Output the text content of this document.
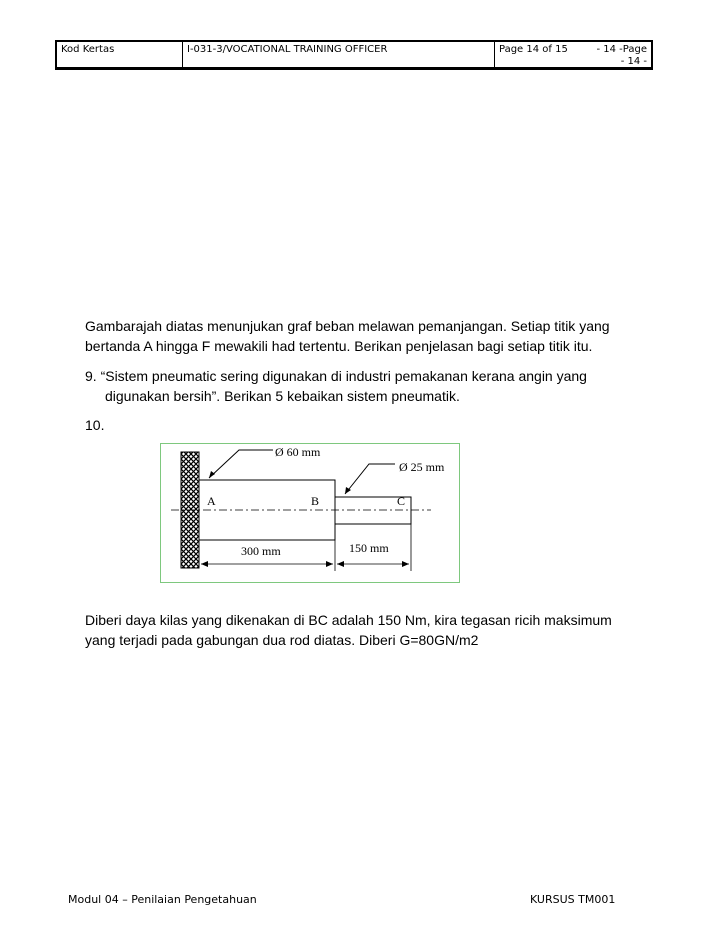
Kod Kertas	I-031-3/VOCATIONAL TRAINING OFFICER	Page 14 of 15	- 14 -Page
- 14 -
Gambarajah diatas menunjukan graf beban melawan pemanjangan. Setiap titik yang bertanda A hingga F mewakili had tertentu. Berikan penjelasan bagi setiap titik itu.
9. “Sistem pneumatic sering digunakan di industri pemakanan kerana angin yang
digunakan bersih”. Berikan 5 kebaikan sistem pneumatik.
10.
Ø 60 mm
Ø 25 mm
A	B	C
300 mm	150 mm
Diberi daya kilas yang dikenakan di BC adalah 150 Nm, kira tegasan ricih maksimum yang terjadi pada gabungan dua rod diatas. Diberi G=80GN/m2
Modul 04 – Penilaian Pengetahuan	KURSUS TM001
